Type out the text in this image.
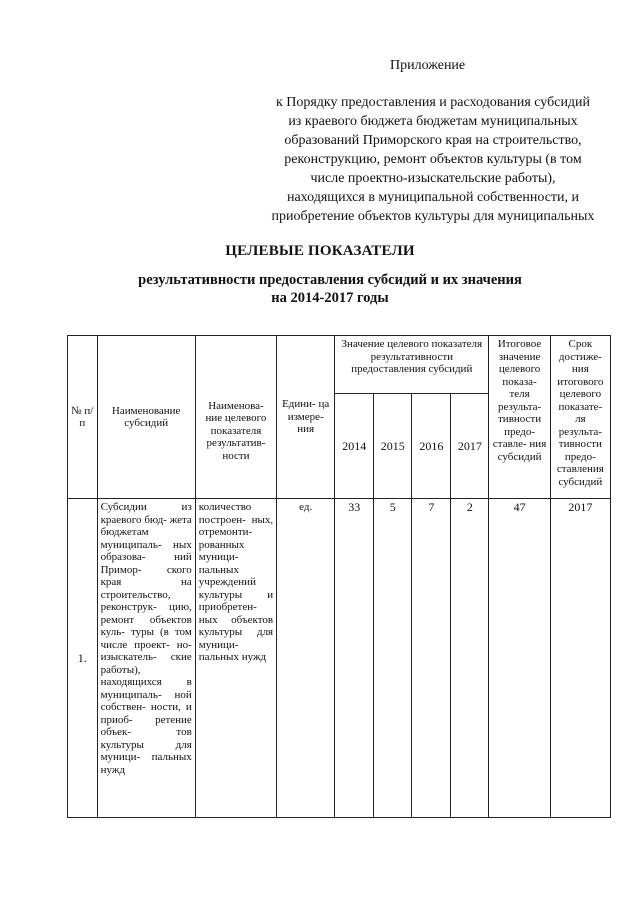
Приложение
к Порядку предоставления и расходования субсидий
из краевого бюджета бюджетам муниципальных
образований Приморского края на строительство,
реконструкцию, ремонт объектов культуры (в том
числе проектно-изыскательские работы),
находящихся в муниципальной собственности, и
приобретение объектов культуры для муниципальных
ЦЕЛЕВЫЕ ПОКАЗАТЕЛИ
результативности предоставления субсидий и их значения
на 2014-2017 годы
№ п/ п	Наименование субсидий	Наименова- ние целевого показателя результатив- ности	Едини- ца измере- ния	Значение целевого показателя результативности предоставления субсидий				Итоговое значение целевого показа- теля результа- тивности предо- ставле- ния субсидий	Срок достиже- ния итогового целевого показате- ля результа- тивности предо- ставления субсидий
				2014	2015	2016	2017		
1.	Субсидии из краевого бюд- жета бюджетам муниципаль- ных образова- ний Примор- ского края на строительство, реконструк- цию, ремонт объектов куль- туры (в том числе проект- но-изыскатель- ские работы), находящихся в муниципаль- ной собствен- ности, и приоб- ретение объек- тов культуры для муници- пальных нужд	количество построен- ных, отремонти- рованных муници- пальных учреждений культуры и приобретен- ных объектов культуры для муници- пальных нужд	ед.	33	5	7	2	47	2017
